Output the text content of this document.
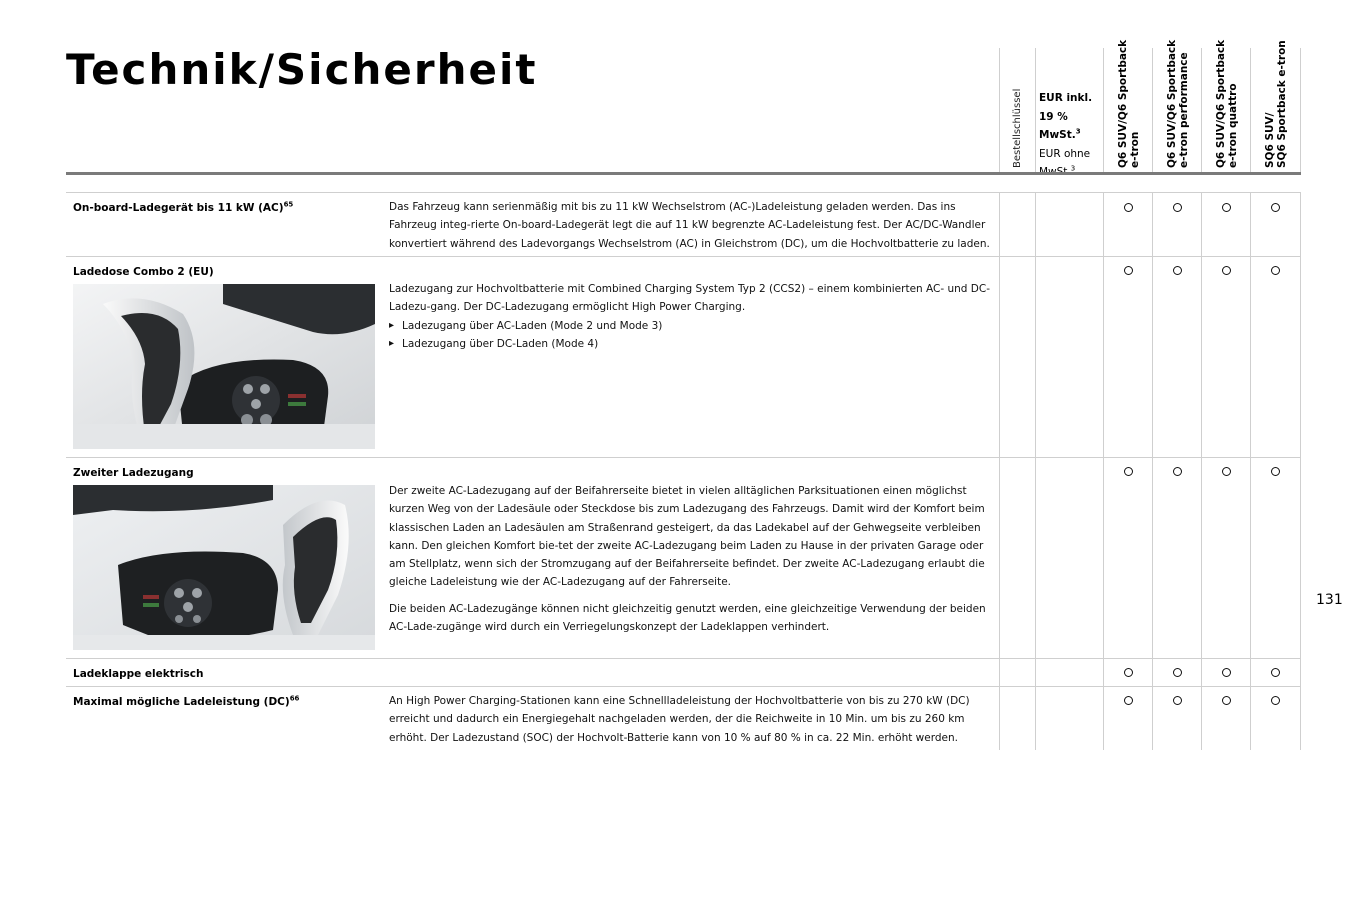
Technik/Sicherheit
Bestellschlüssel EUR inkl.
19 % MwSt.$^3$
EUR ohne
$^3$
Q6 SUV/Q6 Sportback e-tron Q6 SUV/Q6 Sportback e-tron performance Q6 SUV/Q6 Sportback e-tron quattro SQ6 SUV/ SQ6 Sportback e-tron
On-board-Ladegerät bis 11 kW (AC)$^{65}$	Das Fahrzeug kann serienmäßig mit bis zu 11 kW Wechselstrom (AC-)Ladeleistung geladen werden. Das ins Fahrzeug integ-rierte On-board-Ladegerät legt die auf 11 kW begrenzte AC-Ladeleistung fest. Der AC/DC-Wandler konvertiert während des Ladevorgangs Wechselstrom (AC) in Gleichstrom (DC), um die Hochvoltbatterie zu laden.

Ladedose Combo 2 (EU)

Ladezugang zur Hochvoltbatterie mit Combined Charging System Typ 2 (CCS2) – einem kombinierten AC- und DC-Ladezu-gang. Der DC-Ladezugang ermöglicht High Power Charging.

▸ Ladezugang über AC-Laden (Mode 2 und Mode 3)
▸ Ladezugang über DC-Laden (Mode 4)
Zweiter Ladezugang

Der zweite AC-Ladezugang auf der Beifahrerseite bietet in vielen alltäglichen Parksituationen einen möglichst kurzen Weg von der Ladesäule oder Steckdose bis zum Ladezugang des Fahrzeugs. Damit wird der Komfort beim klassischen Laden an Ladesäulen am Straßenrand gesteigert, da das Ladekabel auf der Gehwegseite verbleiben kann. Den gleichen Komfort bie-tet der zweite AC-Ladezugang beim Laden zu Hause in der privaten Garage oder am Stellplatz, wenn sich der Stromzugang auf der Beifahrerseite befindet. Der zweite AC-Ladezugang erlaubt die gleiche Ladeleistung wie der AC-Ladezugang auf der Fahrerseite.

Die beiden AC-Ladezugänge können nicht gleichzeitig genutzt werden, eine gleichzeitige Verwendung der beiden AC-Lade-zugänge wird durch ein Verriegelungskonzept der Ladeklappen verhindert.

Ladeklappe elektrisch
Maximal mögliche Ladeleistung (DC)$^{66}$	An High Power Charging-Stationen kann eine Schnellladeleistung der Hochvoltbatterie von bis zu 270 kW (DC) erreicht und dadurch ein Energiegehalt nachgeladen werden, der die Reichweite in 10 Min. um bis zu 260 km erhöht. Der Ladezustand (SOC) der Hochvolt-Batterie kann von 10 % auf 80 % in ca. 22 Min. erhöht werden.

131
